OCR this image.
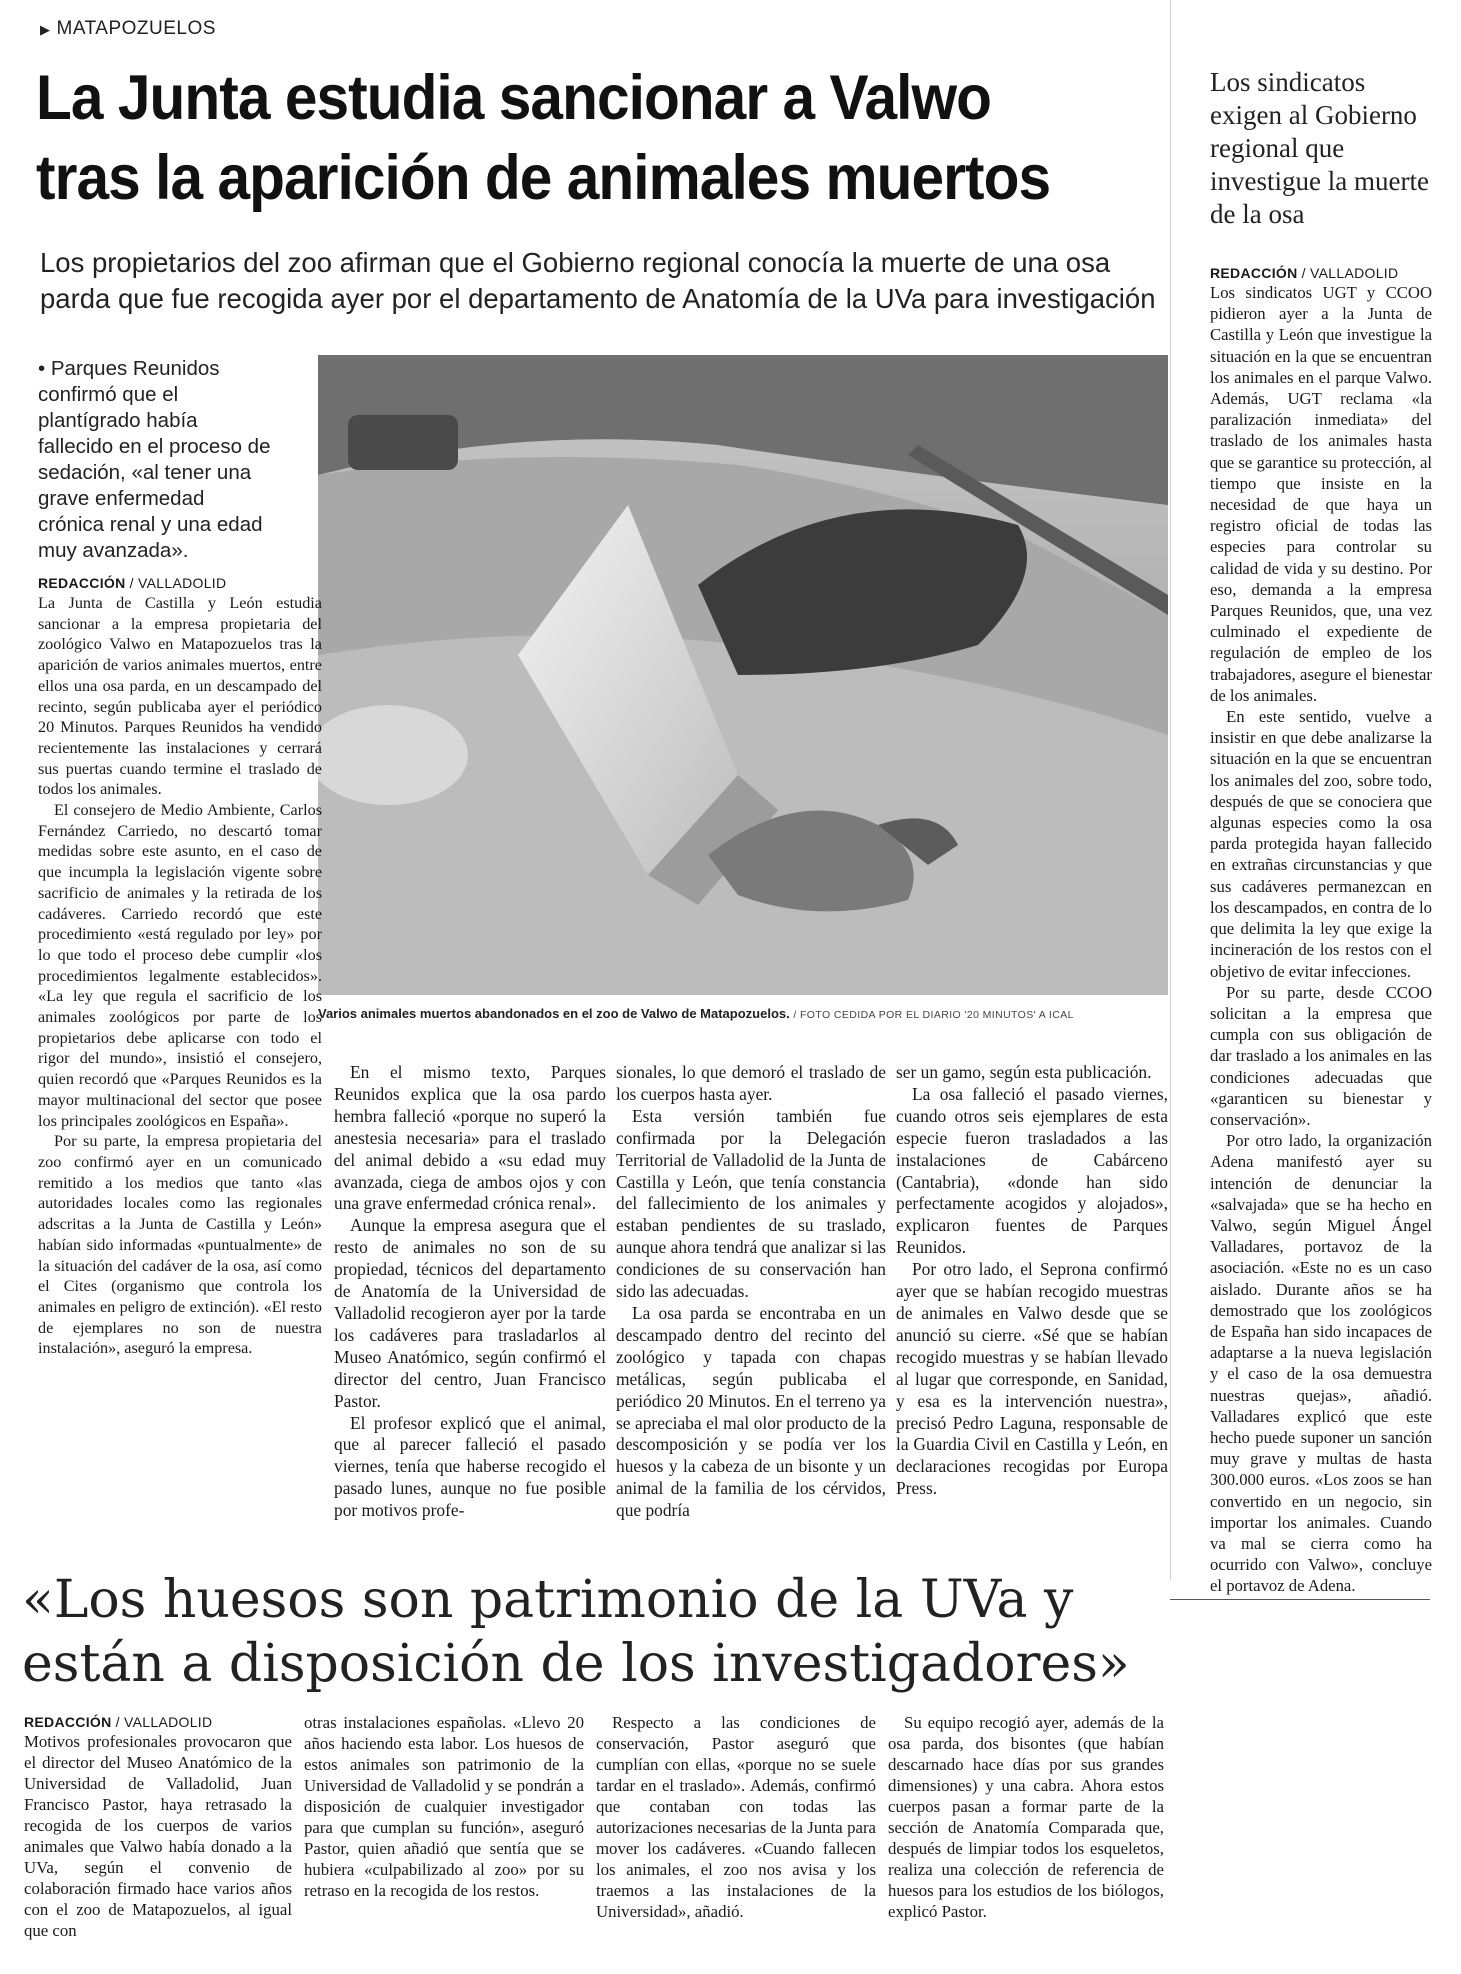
▶ MATAPOZUELOS
La Junta estudia sancionar a Valwo tras la aparición de animales muertos
Los propietarios del zoo afirman que el Gobierno regional conocía la muerte de una osa parda que fue recogida ayer por el departamento de Anatomía de la UVa para investigación
Los sindicatos exigen al Gobierno regional que investigue la muerte de la osa
REDACCIÓN / VALLADOLID

Los sindicatos UGT y CCOO pidieron ayer a la Junta de Castilla y León que investigue la situación en la que se encuentran los animales en el parque Valwo. Además, UGT reclama «la paralización inmediata» del traslado de los animales hasta que se garantice su protección, al tiempo que insiste en la necesidad de que haya un registro oficial de todas las especies para controlar su calidad de vida y su destino. Por eso, demanda a la empresa Parques Reunidos, que, una vez culminado el expediente de regulación de empleo de los trabajadores, asegure el bienestar de los animales.

En este sentido, vuelve a insistir en que debe analizarse la situación en la que se encuentran los animales del zoo, sobre todo, después de que se conociera que algunas especies como la osa parda protegida hayan fallecido en extrañas circunstancias y que sus cadáveres permanezcan en los descampados, en contra de lo que delimita la ley que exige la incineración de los restos con el objetivo de evitar infecciones.

Por su parte, desde CCOO solicitan a la empresa que cumpla con sus obligación de dar traslado a los animales en las condiciones adecuadas que «garanticen su bienestar y conservación».

Por otro lado, la organización Adena manifestó ayer su intención de denunciar la «salvajada» que se ha hecho en Valwo, según Miguel Ángel Valladares, portavoz de la asociación. «Este no es un caso aislado. Durante años se ha demostrado que los zoológicos de España han sido incapaces de adaptarse a la nueva legislación y el caso de la osa demuestra nuestras quejas», añadió. Valladares explicó que este hecho puede suponer un sanción muy grave y multas de hasta 300.000 euros. «Los zoos se han convertido en un negocio, sin importar los animales. Cuando va mal se cierra como ha ocurrido con Valwo», concluye el portavoz de Adena.

• Parques Reunidos confirmó que el plantígrado había fallecido en el proceso de sedación, «al tener una grave enfermedad crónica renal y una edad muy avanzada».
Varios animales muertos abandonados en el zoo de Valwo de Matapozuelos. / FOTO CEDIDA POR EL DIARIO '20 MINUTOS' A ICAL
REDACCIÓN / VALLADOLID

La Junta de Castilla y León estudia sancionar a la empresa propietaria del zoológico Valwo en Matapozuelos tras la aparición de varios animales muertos, entre ellos una osa parda, en un descampado del recinto, según publicaba ayer el periódico 20 Minutos. Parques Reunidos ha vendido recientemente las instalaciones y cerrará sus puertas cuando termine el traslado de todos los animales.

El consejero de Medio Ambiente, Carlos Fernández Carriedo, no descartó tomar medidas sobre este asunto, en el caso de que incumpla la legislación vigente sobre sacrificio de animales y la retirada de los cadáveres. Carriedo recordó que este procedimiento «está regulado por ley» por lo que todo el proceso debe cumplir «los procedimientos legalmente establecidos». «La ley que regula el sacrificio de los animales zoológicos por parte de los propietarios debe aplicarse con todo el rigor del mundo», insistió el consejero, quien recordó que «Parques Reunidos es la mayor multinacional del sector que posee los principales zoológicos en España».

Por su parte, la empresa propietaria del zoo confirmó ayer en un comunicado remitido a los medios que tanto «las autoridades locales como las regionales adscritas a la Junta de Castilla y León» habían sido informadas «puntualmente» de la situación del cadáver de la osa, así como el Cites (organismo que controla los animales en peligro de extinción). «El resto de ejemplares no son de nuestra instalación», aseguró la empresa.

En el mismo texto, Parques Reunidos explica que la osa pardo hembra falleció «porque no superó la anestesia necesaria» para el traslado del animal debido a «su edad muy avanzada, ciega de ambos ojos y con una grave enfermedad crónica renal».

Aunque la empresa asegura que el resto de animales no son de su propiedad, técnicos del departamento de Anatomía de la Universidad de Valladolid recogieron ayer por la tarde los cadáveres para trasladarlos al Museo Anatómico, según confirmó el director del centro, Juan Francisco Pastor.

El profesor explicó que el animal, que al parecer falleció el pasado viernes, tenía que haberse recogido el pasado lunes, aunque no fue posible por motivos profe-

sionales, lo que demoró el traslado de los cuerpos hasta ayer.

Esta versión también fue confirmada por la Delegación Territorial de Valladolid de la Junta de Castilla y León, que tenía constancia del fallecimiento de los animales y estaban pendientes de su traslado, aunque ahora tendrá que analizar si las condiciones de su conservación han sido las adecuadas.

La osa parda se encontraba en un descampado dentro del recinto del zoológico y tapada con chapas metálicas, según publicaba el periódico 20 Minutos. En el terreno ya se apreciaba el mal olor producto de la descomposición y se podía ver los huesos y la cabeza de un bisonte y un animal de la familia de los cérvidos, que podría

ser un gamo, según esta publicación.

La osa falleció el pasado viernes, cuando otros seis ejemplares de esta especie fueron trasladados a las instalaciones de Cabárceno (Cantabria), «donde han sido perfectamente acogidos y alojados», explicaron fuentes de Parques Reunidos.

Por otro lado, el Seprona confirmó ayer que se habían recogido muestras de animales en Valwo desde que se anunció su cierre. «Sé que se habían recogido muestras y se habían llevado al lugar que corresponde, en Sanidad, y esa es la intervención nuestra», precisó Pedro Laguna, responsable de la Guardia Civil en Castilla y León, en declaraciones recogidas por Europa Press.

«Los huesos son patrimonio de la UVa y están a disposición de los investigadores»
REDACCIÓN / VALLADOLID

Motivos profesionales provocaron que el director del Museo Anatómico de la Universidad de Valladolid, Juan Francisco Pastor, haya retrasado la recogida de los cuerpos de varios animales que Valwo había donado a la UVa, según el convenio de colaboración firmado hace varios años con el zoo de Matapozuelos, al igual que con

otras instalaciones españolas. «Llevo 20 años haciendo esta labor. Los huesos de estos animales son patrimonio de la Universidad de Valladolid y se pondrán a disposición de cualquier investigador para que cumplan su función», aseguró Pastor, quien añadió que sentía que se hubiera «culpabilizado al zoo» por su retraso en la recogida de los restos.

Respecto a las condiciones de conservación, Pastor aseguró que cumplían con ellas, «porque no se suele tardar en el traslado». Además, confirmó que contaban con todas las autorizaciones necesarias de la Junta para mover los cadáveres. «Cuando fallecen los animales, el zoo nos avisa y los traemos a las instalaciones de la Universidad», añadió.

Su equipo recogió ayer, además de la osa parda, dos bisontes (que habían descarnado hace días por sus grandes dimensiones) y una cabra. Ahora estos cuerpos pasan a formar parte de la sección de Anatomía Comparada que, después de limpiar todos los esqueletos, realiza una colección de referencia de huesos para los estudios de los biólogos, explicó Pastor.
